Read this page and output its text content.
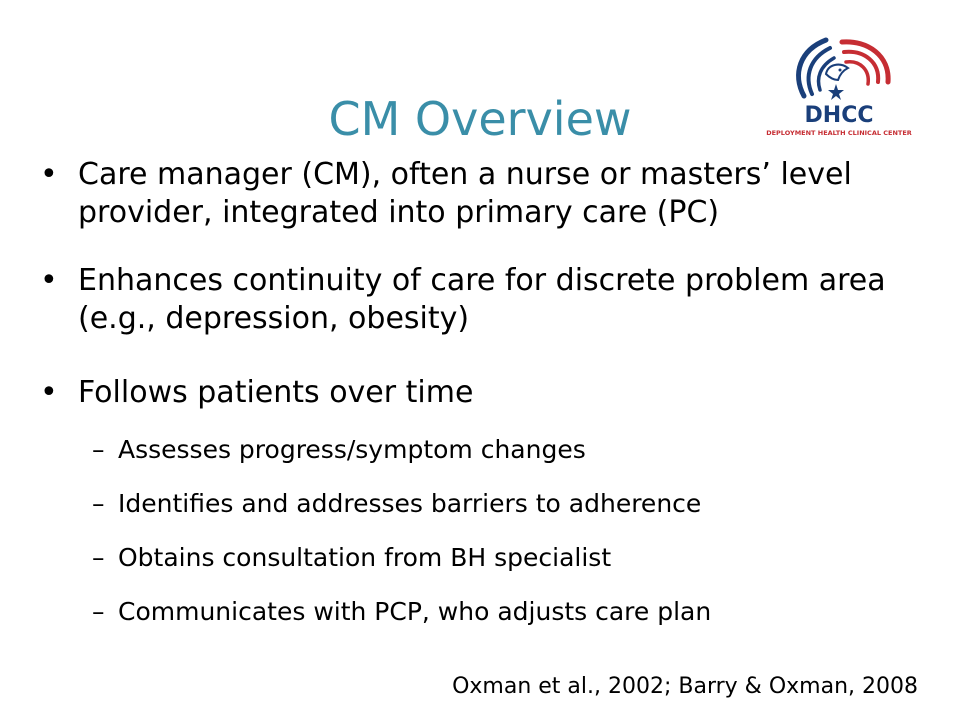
CM Overview	DHCC
DEPLOYMENT HEALTH CLINICAL CENTER
• Care manager (CM), often a nurse or masters’ level provider, integrated into primary care (PC)
• Enhances continuity of care for discrete problem area (e.g., depression, obesity)
• Follows patients over time
– Assesses progress/symptom changes
– Identifies and addresses barriers to adherence
– Obtains consultation from BH specialist
– Communicates with PCP, who adjusts care plan
Oxman et al., 2002; Barry & Oxman, 2008
